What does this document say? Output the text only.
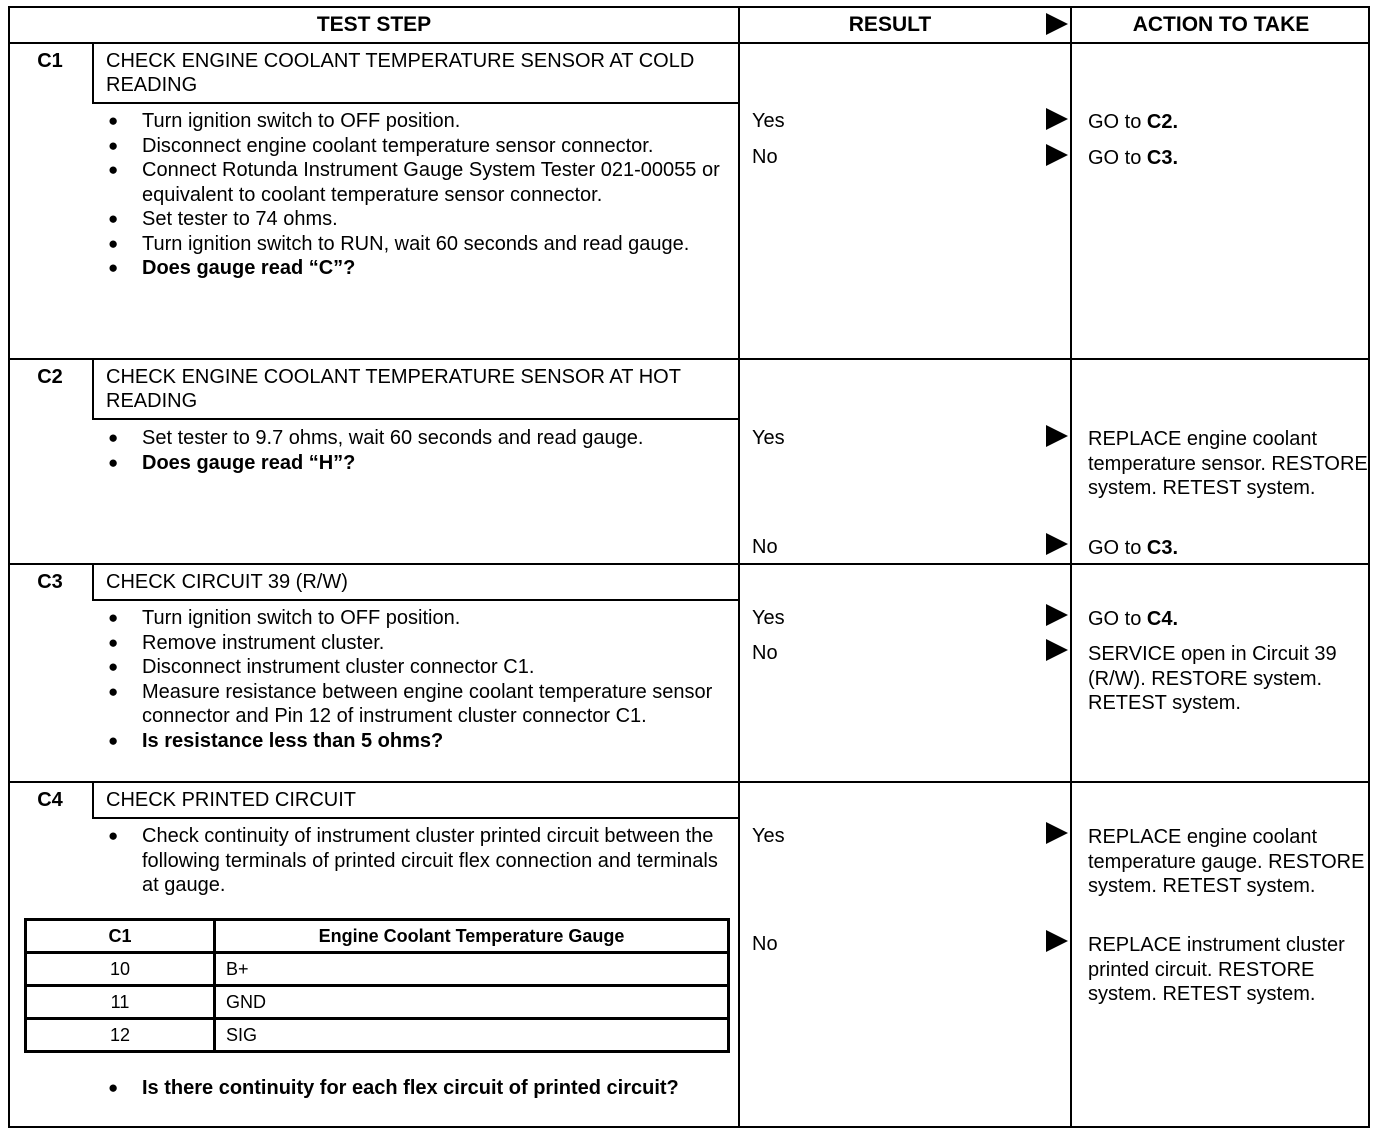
TEST STEP	RESULT	ACTION TO TAKE
C1	CHECK ENGINE COOLANT TEMPERATURE SENSOR AT COLD READING
● Turn ignition switch to OFF position.
● Disconnect engine coolant temperature sensor connector.
● Connect Rotunda Instrument Gauge System Tester 021-00055 or equivalent to coolant temperature sensor connector.
● Set tester to 74 ohms.
● Turn ignition switch to RUN, wait 60 seconds and read gauge.
● Does gauge read “C”?
Yes	GO to C2.
No	GO to C3.
C2	CHECK ENGINE COOLANT TEMPERATURE SENSOR AT HOT READING
● Set tester to 9.7 ohms, wait 60 seconds and read gauge.
● Does gauge read “H”?
Yes	REPLACE engine coolant temperature sensor. RESTORE system. RETEST system.
No	GO to C3.
C3	CHECK CIRCUIT 39 (R/W)
● Turn ignition switch to OFF position.
● Remove instrument cluster.
● Disconnect instrument cluster connector C1.
● Measure resistance between engine coolant temperature sensor connector and Pin 12 of instrument cluster connector C1.
● Is resistance less than 5 ohms?
Yes	GO to C4.
No	SERVICE open in Circuit 39 (R/W). RESTORE system. RETEST system.
C4	CHECK PRINTED CIRCUIT
● Check continuity of instrument cluster printed circuit between the following terminals of printed circuit flex connection and terminals at gauge.
C1	Engine Coolant Temperature Gauge
10	B+
11	GND
12	SIG
● Is there continuity for each flex circuit of printed circuit?
Yes	REPLACE engine coolant temperature gauge. RESTORE system. RETEST system.
No	REPLACE instrument cluster printed circuit. RESTORE system. RETEST system.
